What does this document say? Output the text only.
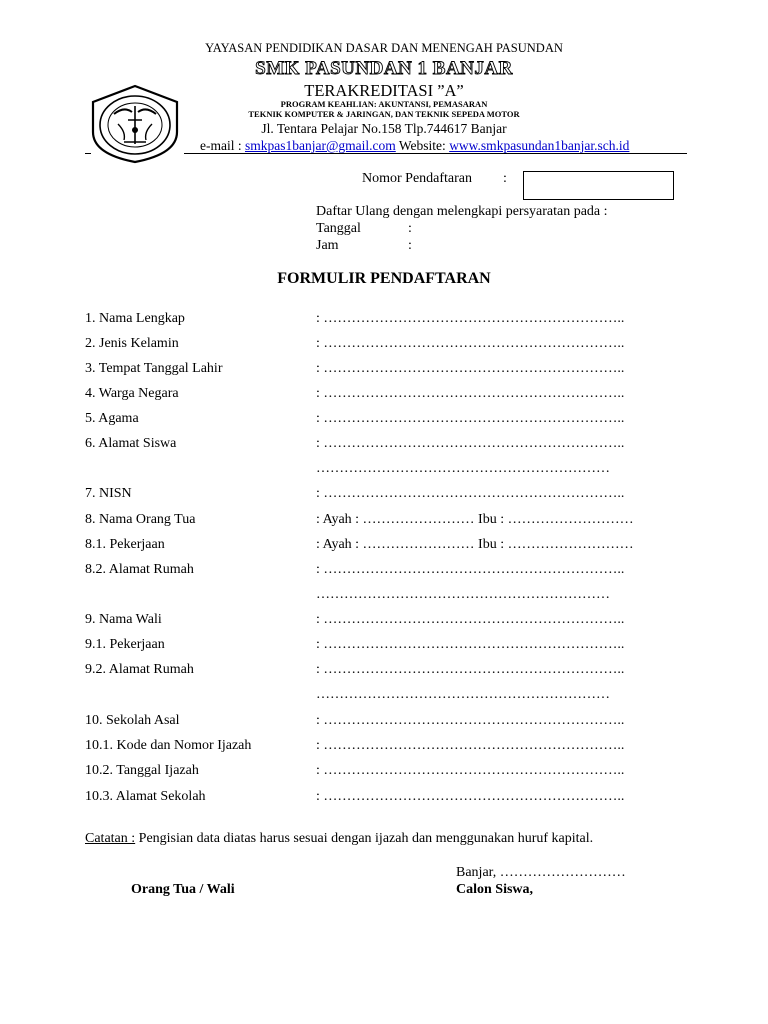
YAYASAN PENDIDIKAN DASAR DAN MENENGAH PASUNDAN
SMK PASUNDAN 1 BANJAR
TERAKREDITASI ”A”
PROGRAM KEAHLIAN: AKUNTANSI, PEMASARAN
TEKNIK KOMPUTER & JARINGAN, DAN TEKNIK SEPEDA MOTOR
Jl. Tentara Pelajar No.158 Tlp.744617 Banjar
e-mail : smkpas1banjar@gmail.com Website: www.smkpasundan1banjar.sch.id
Nomor Pendaftaran :
Daftar Ulang dengan melengkapi persyaratan pada :
Tanggal	:
Jam	:
FORMULIR PENDAFTARAN
1. Nama Lengkap	: ………………………………………………………..
2. Jenis Kelamin	: ………………………………………………………..
3. Tempat Tanggal Lahir	: ………………………………………………………..
4. Warga Negara	: ………………………………………………………..
5. Agama	: ………………………………………………………..
6. Alamat Siswa	: ………………………………………………………..
………………………………………………………
7. NISN	: ………………………………………………………..
8. Nama Orang Tua	: Ayah : …………………… Ibu : ………………………
8.1. Pekerjaan	: Ayah : …………………… Ibu : ………………………
8.2. Alamat Rumah	: ………………………………………………………..
………………………………………………………
9. Nama Wali	: ………………………………………………………..
9.1. Pekerjaan	: ………………………………………………………..
9.2. Alamat Rumah	: ………………………………………………………..
………………………………………………………
10. Sekolah Asal	: ………………………………………………………..
10.1. Kode dan Nomor Ijazah	: ………………………………………………………..
10.2. Tanggal Ijazah	: ………………………………………………………..
10.3. Alamat Sekolah	: ………………………………………………………..
Catatan : Pengisian data diatas harus sesuai dengan ijazah dan menggunakan huruf kapital.
Banjar, ………………………
Orang Tua / Wali	Calon Siswa,
